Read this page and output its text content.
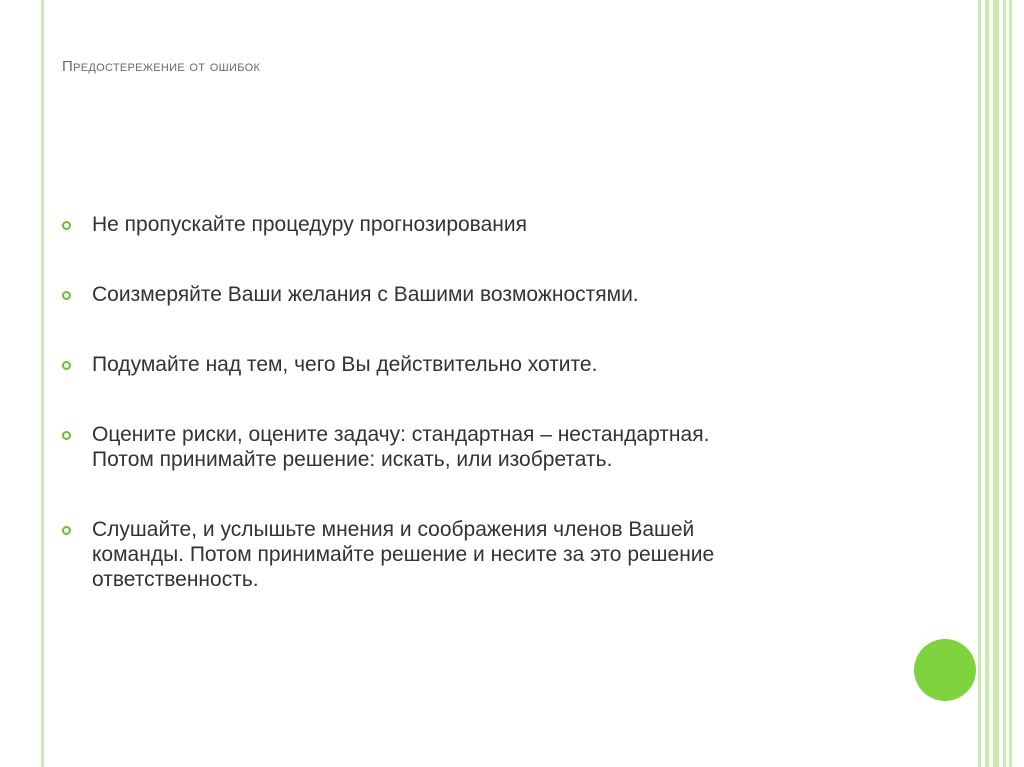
Предостережение от ошибок
Не пропускайте процедуру прогнозирования
Соизмеряйте Ваши желания с Вашими возможностями.
Подумайте над тем, чего Вы действительно хотите.
Оцените риски, оцените задачу: стандартная – нестандартная.
Потом принимайте решение: искать, или изобретать.
Слушайте, и услышьте мнения и соображения членов Вашей
команды. Потом принимайте решение и несите за это решение
ответственность.
